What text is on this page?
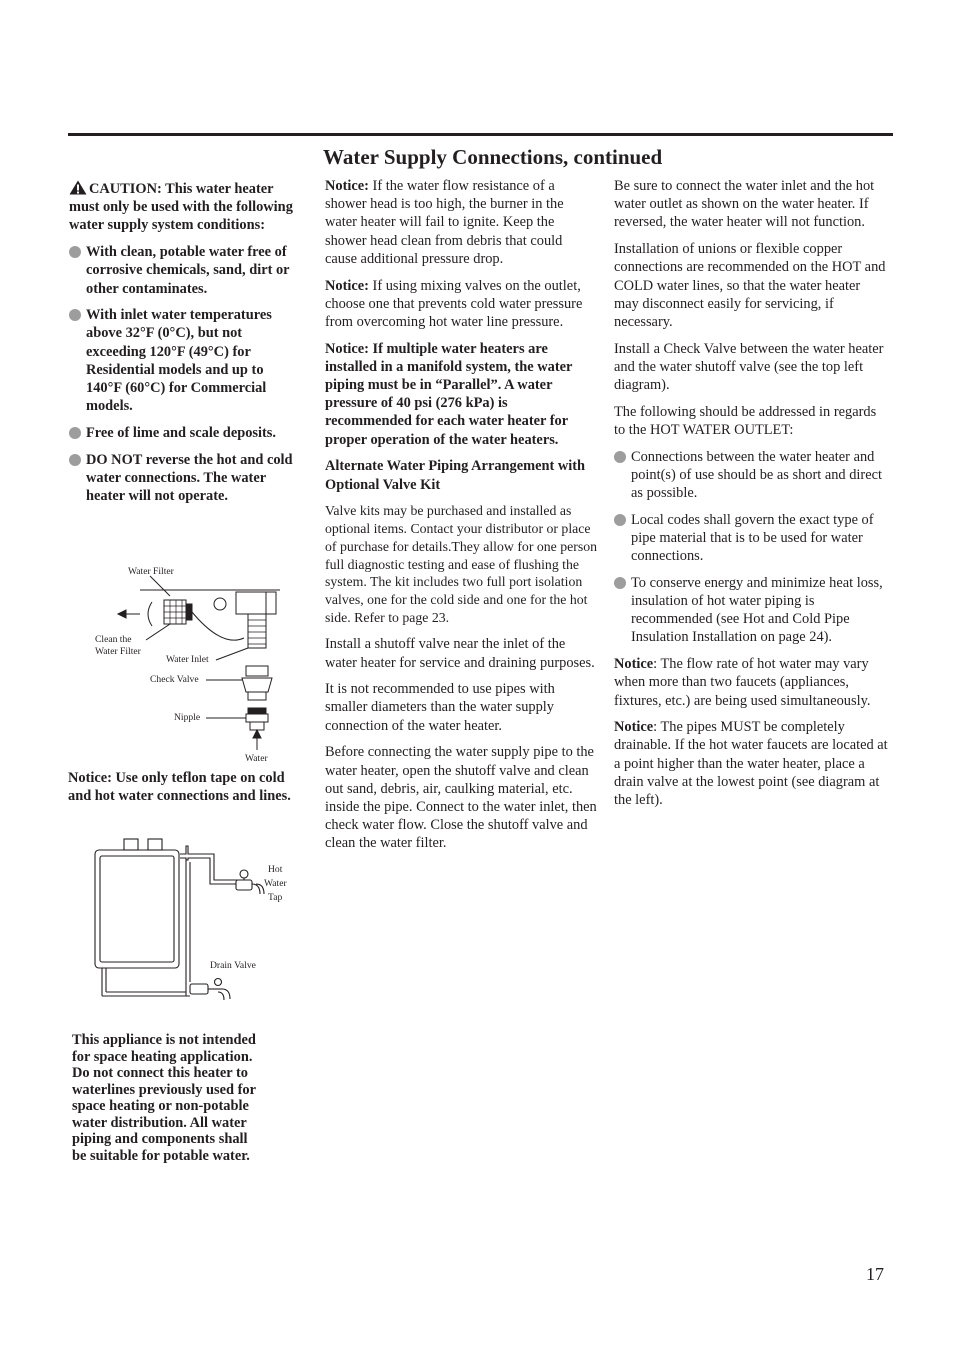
Water Supply Connections, continued

CAUTION: This water heater must only be used with the following water supply system conditions:

With clean, potable water free of corrosive chemicals, sand, dirt or other contaminates.
With inlet water temperatures above 32°F (0°C), but not exceeding 120°F (49°C) for Residential models and up to 140°F (60°C) for Commercial models.
Free of lime and scale deposits.
DO NOT reverse the hot and cold water connections. The water heater will not operate.
Water Filter
Clean the
Water Filter
Water Inlet
Check Valve
Nipple
Water

Notice: Use only teflon tape on cold and hot water connections and lines.

Hot
Water
Tap
Drain Valve

This appliance is not intended for space heating application. Do not connect this heater to waterlines previously used for space heating or non-potable water distribution. All water piping and components shall be suitable for potable water.

Notice: If the water flow resistance of a shower head is too high, the burner in the water heater will fail to ignite. Keep the shower head clean from debris that could cause additional pressure drop.

Notice: If using mixing valves on the outlet, choose one that prevents cold water pressure from overcoming hot water line pressure.

Notice: If multiple water heaters are installed in a manifold system, the water piping must be in “Parallel”. A water pressure of 40 psi (276 kPa) is recommended for each water heater for proper operation of the water heaters.

Alternate Water Piping Arrangement with Optional Valve Kit

Valve kits may be purchased and installed as optional items. Contact your distributor or place of purchase for details.They allow for one person full diagnostic testing and ease of flushing the system. The kit includes two full port isolation valves, one for the cold side and one for the hot side. Refer to page 23.

Install a shutoff valve near the inlet of the water heater for service and draining purposes.

It is not recommended to use pipes with smaller diameters than the water supply connection of the water heater.

Before connecting the water supply pipe to the water heater, open the shutoff valve and clean out sand, debris, air, caulking material, etc. inside the pipe. Connect to the water inlet, then check water flow. Close the shutoff valve and clean the water filter.

Be sure to connect the water inlet and the hot water outlet as shown on the water heater. If reversed, the water heater will not function.

Installation of unions or flexible copper connections are recommended on the HOT and COLD water lines, so that the water heater may disconnect easily for servicing, if necessary.

Install a Check Valve between the water heater and the water shutoff valve (see the top left diagram).

The following should be addressed in regards to the HOT WATER OUTLET:

Connections between the water heater and point(s) of use should be as short and direct as possible.
Local codes shall govern the exact type of pipe material that is to be used for water connections.
To conserve energy and minimize heat loss, insulation of hot water piping is recommended (see Hot and Cold Pipe Insulation Installation on page 24).

Notice: The flow rate of hot water may vary when more than two faucets (appliances, fixtures, etc.) are being used simultaneously.

Notice: The pipes MUST be completely drainable. If the hot water faucets are located at a point higher than the water heater, place a drain valve at the lowest point (see diagram at the left).

17
